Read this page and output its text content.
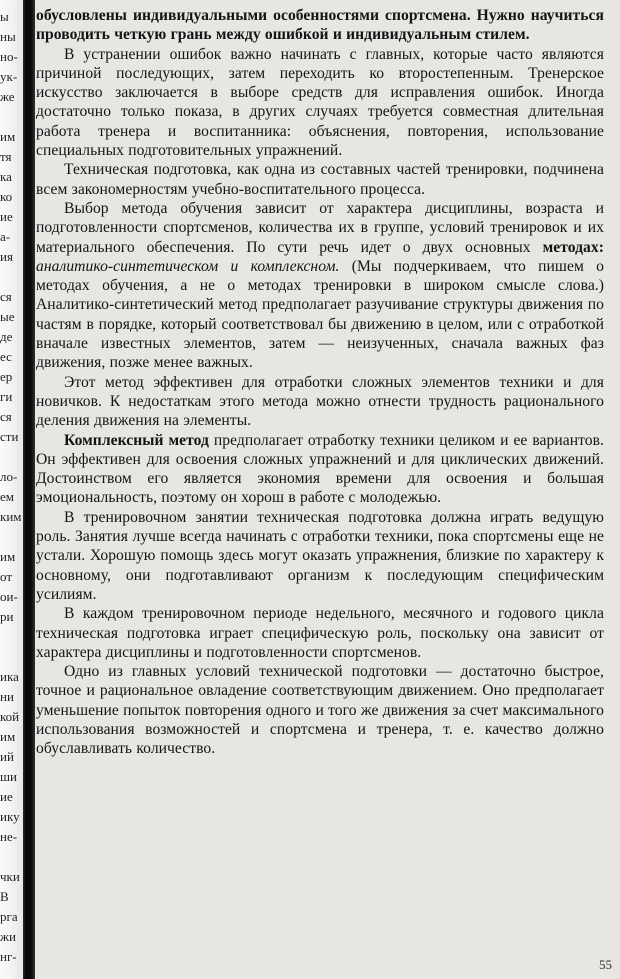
ы
ны
но-
ук-
же
им
тя
ка
ко
ие
а-
ия
ся
ые
де
ес
ер
ги
ся
сти
ло-
ем
ким
им
от
ои-
ри
ика
ни
кой
им
ий
ши
ие
ику
не-
чки
В
рга
жи
нг-

обусловлены индивидуальными особенностями спортсмена. Нужно научиться проводить четкую грань между ошибкой и индивидуальным стилем.

В устранении ошибок важно начинать с главных, которые часто являются причиной последующих, затем переходить ко второстепенным. Тренерское искусство заключается в выборе средств для исправления ошибок. Иногда достаточно только показа, в других случаях требуется совместная длительная работа тренера и воспитанника: объяснения, повторения, использование специальных подготовительных упражнений.

Техническая подготовка, как одна из составных частей тренировки, подчинена всем закономерностям учебно-воспитательного процесса.

Выбор метода обучения зависит от характера дисциплины, возраста и подготовленности спортсменов, количества их в группе, условий тренировок и их материального обеспечения. По сути речь идет о двух основных методах: аналитико-синтетическом и комплексном. (Мы подчеркиваем, что пишем о методах обучения, а не о методах тренировки в широком смысле слова.) Аналитико-синтетический метод предполагает разучивание структуры движения по частям в порядке, который соответствовал бы движению в целом, или с отработкой вначале известных элементов, затем — неизученных, сначала важных фаз движения, позже менее важных.

Этот метод эффективен для отработки сложных элементов техники и для новичков. К недостаткам этого метода можно отнести трудность рационального деления движения на элементы.

Комплексный метод предполагает отработку техники целиком и ее вариантов. Он эффективен для освоения сложных упражнений и для циклических движений. Достоинством его является экономия времени для освоения и большая эмоциональность, поэтому он хорош в работе с молодежью.

В тренировочном занятии техническая подготовка должна играть ведущую роль. Занятия лучше всегда начинать с отработки техники, пока спортсмены еще не устали. Хорошую помощь здесь могут оказать упражнения, близкие по характеру к основному, они подготавливают организм к последующим специфическим усилиям.

В каждом тренировочном периоде недельного, месячного и годового цикла техническая подготовка играет специфическую роль, поскольку она зависит от характера дисциплины и подготовленности спортсменов.

Одно из главных условий технической подготовки — достаточно быстрое, точное и рациональное овладение соответствующим движением. Оно предполагает уменьшение попыток повторения одного и того же движения за счет максимального использования возможностей и спортсмена и тренера, т. е. качество должно обуславливать количество.

55
